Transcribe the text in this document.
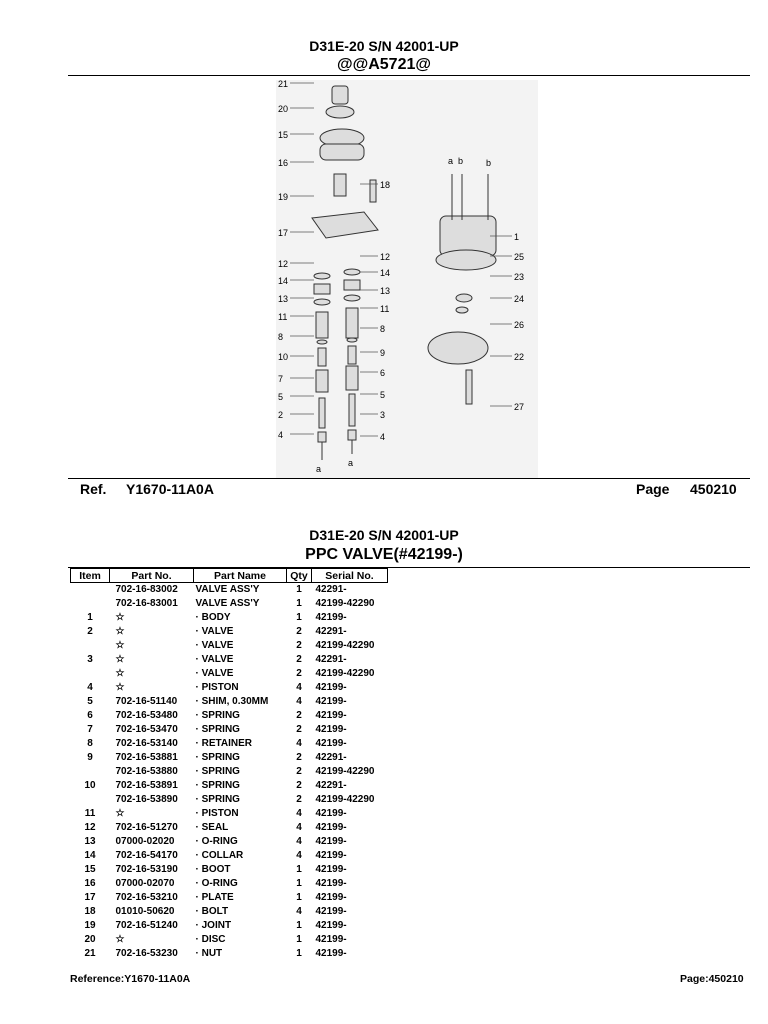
D31E-20 S/N 42001-UP
@@A5721@
21
20
15
16
19
17
12
14
13
11
8
10
7
5
2
4
18
12
14
13
11
8
9
6
5
3
4
1
25
23
24
26
22
27
a b	b
a
a
Ref. Y1670-11A0A	Page 450210
D31E-20 S/N 42001-UP
PPC VALVE(#42199-)
Item	Part No.	Part Name	Qty	Serial No.
	702-16-83002	VALVE ASS'Y	1	42291-
	702-16-83001	VALVE ASS'Y	1	42199-42290
1	☆	· BODY	1	42199-
2	☆	· VALVE	2	42291-
	☆	· VALVE	2	42199-42290
3	☆	· VALVE	2	42291-
	☆	· VALVE	2	42199-42290
4	☆	· PISTON	4	42199-
5	702-16-51140	· SHIM, 0.30MM	4	42199-
6	702-16-53480	· SPRING	2	42199-
7	702-16-53470	· SPRING	2	42199-
8	702-16-53140	· RETAINER	4	42199-
9	702-16-53881	· SPRING	2	42291-
	702-16-53880	· SPRING	2	42199-42290
10	702-16-53891	· SPRING	2	42291-
	702-16-53890	· SPRING	2	42199-42290
11	☆	· PISTON	4	42199-
12	702-16-51270	· SEAL	4	42199-
13	07000-02020	· O-RING	4	42199-
14	702-16-54170	· COLLAR	4	42199-
15	702-16-53190	· BOOT	1	42199-
16	07000-02070	· O-RING	1	42199-
17	702-16-53210	· PLATE	1	42199-
18	01010-50620	· BOLT	4	42199-
19	702-16-51240	· JOINT	1	42199-
20	☆	· DISC	1	42199-
21	702-16-53230	· NUT	1	42199-
Reference:Y1670-11A0A	Page:450210
